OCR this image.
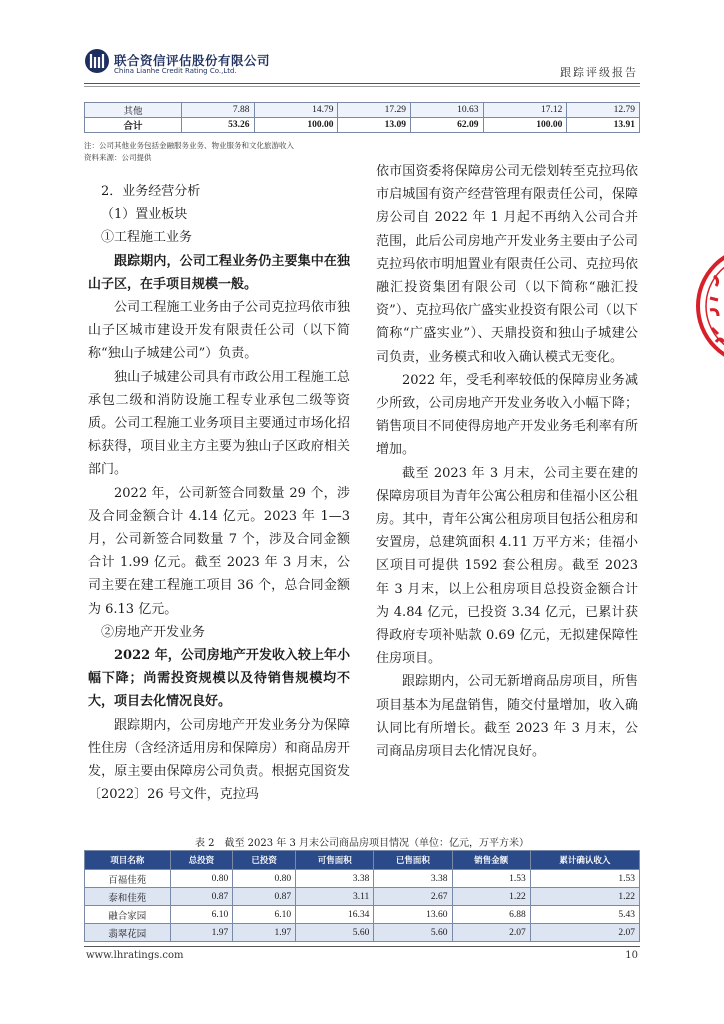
联合资信评估股份有限公司
China Lianhe Credit Rating Co.,Ltd.	跟踪评级报告
其他	7.88	14.79	17.29	10.63	17.12	12.79
合计	53.26	100.00	13.09	62.09	100.00	13.91
注：公司其他业务包括金融服务业务、物业服务和文化旅游收入
资料来源：公司提供

2．业务经营分析

（1）置业板块

①工程施工业务

跟踪期内，公司工程业务仍主要集中在独山子区，在手项目规模一般。

公司工程施工业务由子公司克拉玛依市独山子区城市建设开发有限责任公司（以下简称“独山子城建公司”）负责。

独山子城建公司具有市政公用工程施工总承包二级和消防设施工程专业承包二级等资质。公司工程施工业务项目主要通过市场化招标获得，项目业主方主要为独山子区政府相关部门。

2022 年，公司新签合同数量 29 个，涉及合同金额合计 4.14 亿元。2023 年 1—3 月，公司新签合同数量 7 个，涉及合同金额合计 1.99 亿元。截至 2023 年 3 月末，公司主要在建工程施工项目 36 个，总合同金额为 6.13 亿元。

②房地产开发业务

2022 年，公司房地产开发收入较上年小幅下降；尚需投资规模以及待销售规模均不大，项目去化情况良好。

跟踪期内，公司房地产开发业务分为保障性住房（含经济适用房和保障房）和商品房开发，原主要由保障房公司负责。根据克国资发〔2022〕26 号文件，克拉玛

依市国资委将保障房公司无偿划转至克拉玛依市启城国有资产经营管理有限责任公司，保障房公司自 2022 年 1 月起不再纳入公司合并范围，此后公司房地产开发业务主要由子公司克拉玛依市明旭置业有限责任公司、克拉玛依融汇投资集团有限公司（以下简称“融汇投资”）、克拉玛依广盛实业投资有限公司（以下简称“广盛实业”）、天鼎投资和独山子城建公司负责，业务模式和收入确认模式无变化。

2022 年，受毛利率较低的保障房业务减少所致，公司房地产开发业务收入小幅下降；销售项目不同使得房地产开发业务毛利率有所增加。

截至 2023 年 3 月末，公司主要在建的保障房项目为青年公寓公租房和佳福小区公租房。其中，青年公寓公租房项目包括公租房和安置房，总建筑面积 4.11 万平方米；佳福小区项目可提供 1592 套公租房。截至 2023 年 3 月末，以上公租房项目总投资金额合计为 4.84 亿元，已投资 3.34 亿元，已累计获得政府专项补贴款 0.69 亿元，无拟建保障性住房项目。

跟踪期内，公司无新增商品房项目，所售项目基本为尾盘销售，随交付量增加，收入确认同比有所增长。截至 2023 年 3 月末，公司商品房项目去化情况良好。

表 2　截至 2023 年 3 月末公司商品房项目情况（单位：亿元，万平方米）
项目名称	总投资	已投资	可售面积	已售面积	销售金额	累计确认收入
百福佳苑	0.80	0.80	3.38	3.38	1.53	1.53
泰和佳苑	0.87	0.87	3.11	2.67	1.22	1.22
融合家园	6.10	6.10	16.34	13.60	6.88	5.43
翡翠花园	1.97	1.97	5.60	5.60	2.07	2.07
www.lhratings.com	10
